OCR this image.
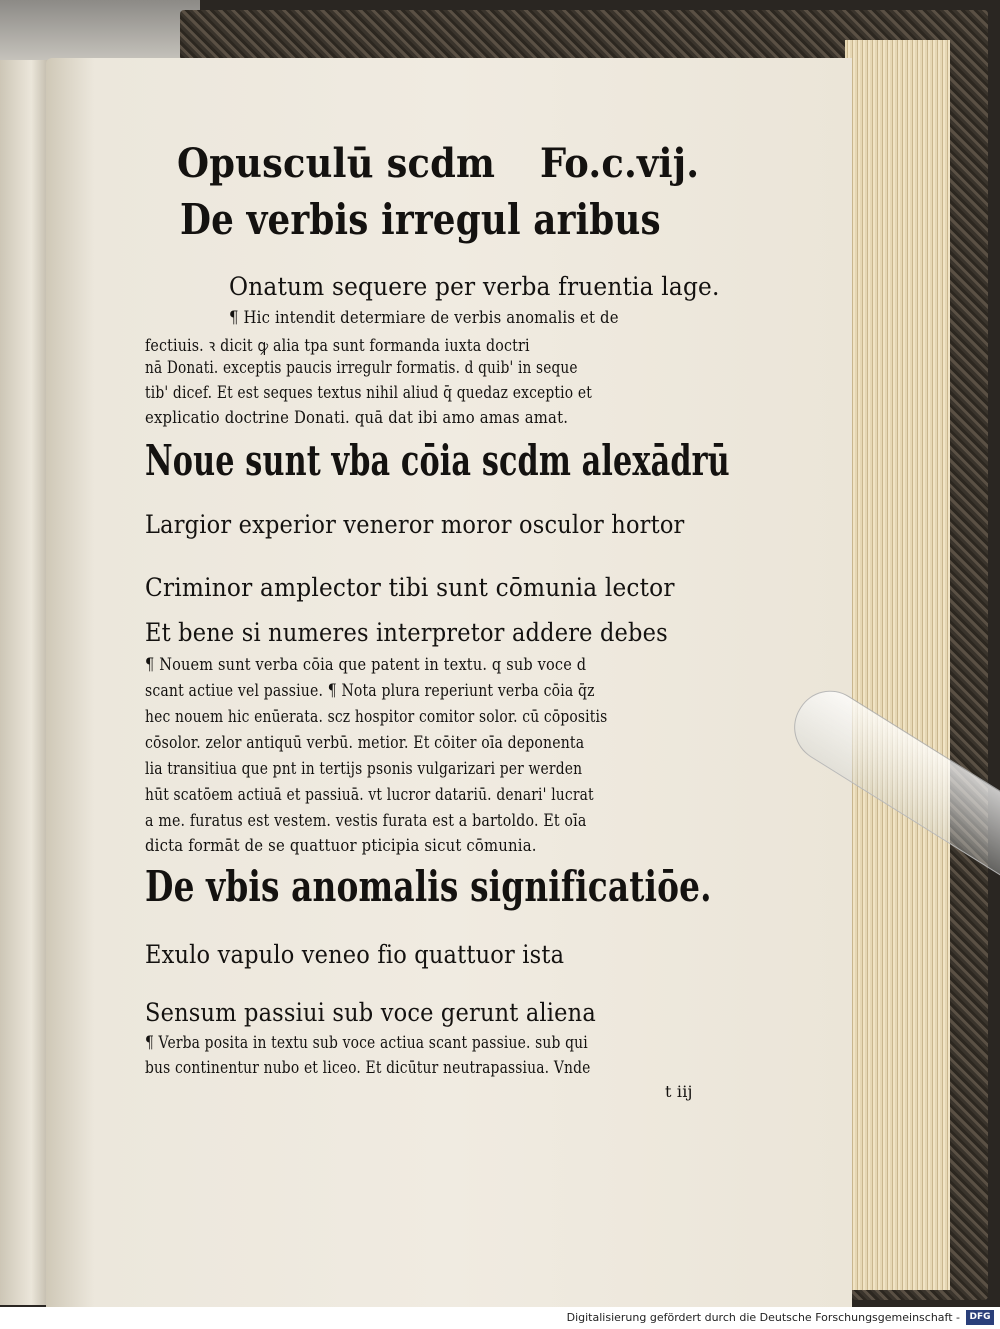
Opusculū scdm Fo.c.vij.
De verbis irregul aribus
Onatum sequere per verba fruentia lage.
¶ Hic intendit determiare de verbis anomalis et de
fectiuis. ꝛ dicit ꝙ alia tpa sunt formanda iuxta doctri
nā Donati. exceptis paucis irregulr formatis. d quib' in seque
tib' dicef. Et est seques textus nihil aliud q̄ quedaz exceptio et
explicatio doctrine Donati. quā dat ibi amo amas amat.
Noue sunt vba cōia scdm alexādrū
Largior experior veneror moror osculor hortor
Criminor amplector tibi sunt cōmunia lector
Et bene si numeres interpretor addere debes
¶ Nouem sunt verba cōia que patent in textu. q sub voce d
scant actiue vel passiue. ¶ Nota plura reperiunt verba cōia q̄z
hec nouem hic enūerata. scz hospitor comitor solor. cū cōpositis
cōsolor. zelor antiquū verbū. metior. Et cōiter oīa deponenta
lia transitiua que pnt in tertijs psonis vulgarizari per werden
hūt scatōem actiuā et passiuā. vt lucror datariū. denari' lucrat
a me. furatus est vestem. vestis furata est a bartoldo. Et oīa
dicta formāt de se quattuor pticipia sicut cōmunia.
De vbis anomalis significatiōe.
Exulo vapulo veneo fio quattuor ista
Sensum passiui sub voce gerunt aliena
¶ Verba posita in textu sub voce actiua scant passiue. sub qui
bus continentur nubo et liceo. Et dicūtur neutrapassiua. Vnde
t iij
Digitalisierung gefördert durch die Deutsche Forschungsgemeinschaft -	DFG
